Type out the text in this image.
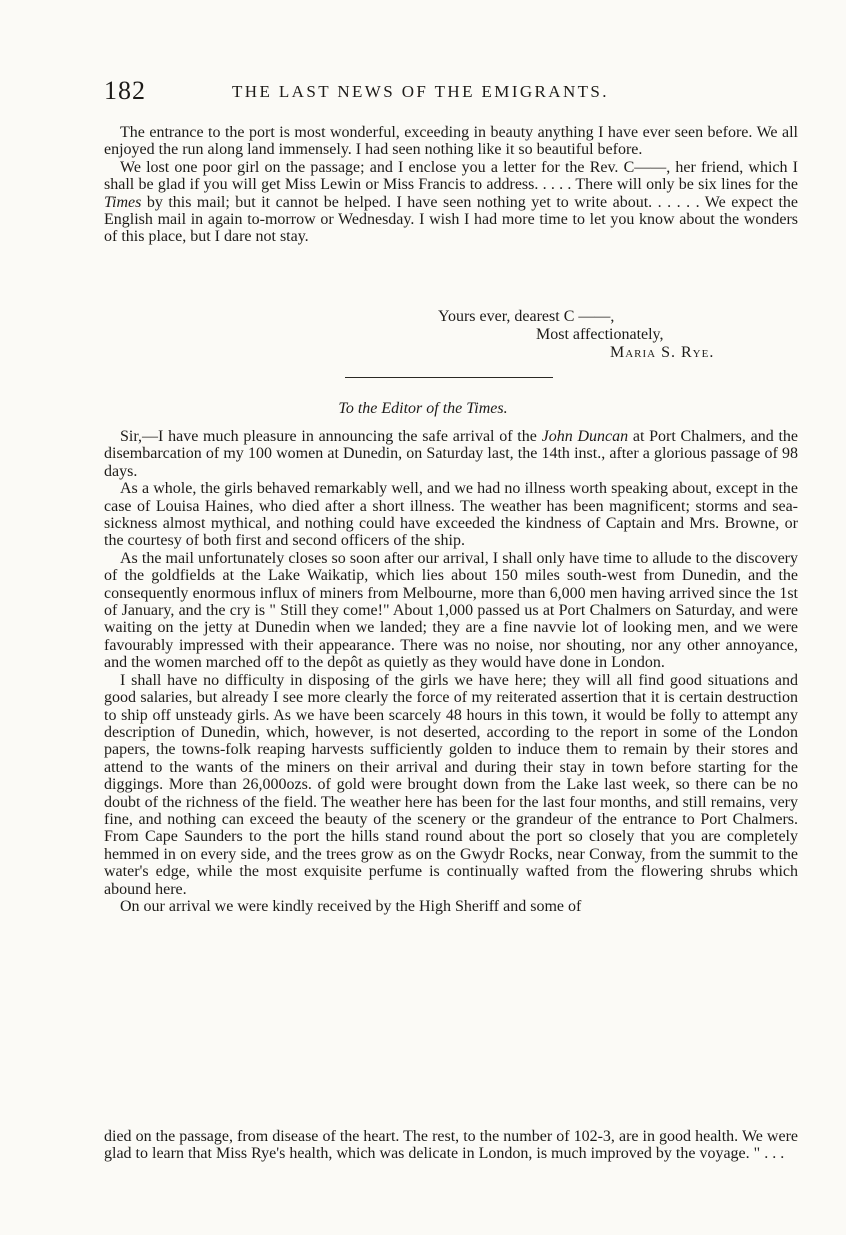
182	THE LAST NEWS OF THE EMIGRANTS.

The entrance to the port is most wonderful, exceeding in beauty anything I have ever seen before. We all enjoyed the run along land immensely. I had seen nothing like it so beautiful before.

We lost one poor girl on the passage; and I enclose you a letter for the Rev. C——, her friend, which I shall be glad if you will get Miss Lewin or Miss Francis to address. . . . . There will only be six lines for the Times by this mail; but it cannot be helped. I have seen nothing yet to write about. . . . . . We expect the English mail in again to-morrow or Wednesday. I wish I had more time to let you know about the wonders of this place, but I dare not stay.

Yours ever, dearest C ——,
Most affectionately,
Maria S. Rye.
To the Editor of the Times.

Sir,—I have much pleasure in announcing the safe arrival of the John Duncan at Port Chalmers, and the disembarcation of my 100 women at Dunedin, on Saturday last, the 14th inst., after a glorious passage of 98 days.

As a whole, the girls behaved remarkably well, and we had no illness worth speaking about, except in the case of Louisa Haines, who died after a short illness. The weather has been magnificent; storms and sea-sickness almost mythical, and nothing could have exceeded the kindness of Captain and Mrs. Browne, or the courtesy of both first and second officers of the ship.

As the mail unfortunately closes so soon after our arrival, I shall only have time to allude to the discovery of the goldfields at the Lake Waikatip, which lies about 150 miles south-west from Dunedin, and the consequently enormous influx of miners from Melbourne, more than 6,000 men having arrived since the 1st of January, and the cry is " Still they come!" About 1,000 passed us at Port Chalmers on Saturday, and were waiting on the jetty at Dunedin when we landed; they are a fine navvie lot of looking men, and we were favourably impressed with their appearance. There was no noise, nor shouting, nor any other annoyance, and the women marched off to the depôt as quietly as they would have done in London.

I shall have no difficulty in disposing of the girls we have here; they will all find good situations and good salaries, but already I see more clearly the force of my reiterated assertion that it is certain destruction to ship off unsteady girls. As we have been scarcely 48 hours in this town, it would be folly to attempt any description of Dunedin, which, however, is not deserted, according to the report in some of the London papers, the towns-folk reaping harvests sufficiently golden to induce them to remain by their stores and attend to the wants of the miners on their arrival and during their stay in town before starting for the diggings. More than 26,000ozs. of gold were brought down from the Lake last week, so there can be no doubt of the richness of the field. The weather here has been for the last four months, and still remains, very fine, and nothing can exceed the beauty of the scenery or the grandeur of the entrance to Port Chalmers. From Cape Saunders to the port the hills stand round about the port so closely that you are completely hemmed in on every side, and the trees grow as on the Gwydr Rocks, near Conway, from the summit to the water's edge, while the most exquisite perfume is continually wafted from the flowering shrubs which abound here.

On our arrival we were kindly received by the High Sheriff and some of

died on the passage, from disease of the heart. The rest, to the number of 102-3, are in good health. We were glad to learn that Miss Rye's health, which was delicate in London, is much improved by the voyage. " . . .
